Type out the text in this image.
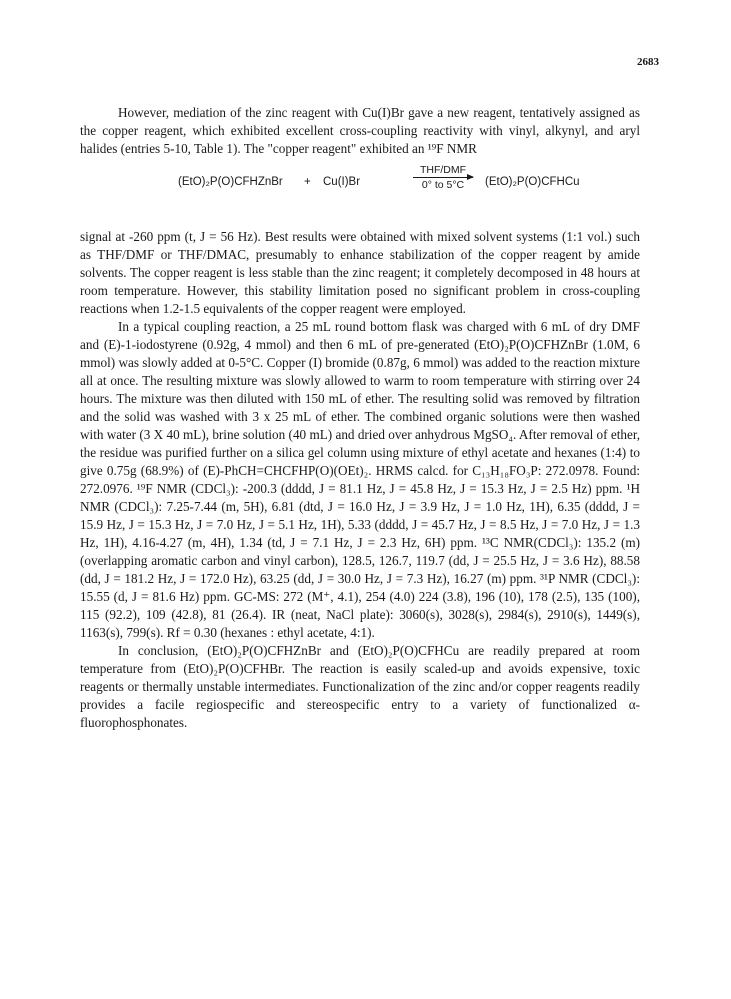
2683

However, mediation of the zinc reagent with Cu(I)Br gave a new reagent, tentatively assigned as the copper reagent, which exhibited excellent cross-coupling reactivity with vinyl, alkynyl, and aryl halides (entries 5-10, Table 1). The "copper reagent" exhibited an ¹⁹F NMR

(EtO)₂P(O)CFHZnBr + Cu(I)Br
THF/DMF
0° to 5°C	(EtO)₂P(O)CFHCu

signal at -260 ppm (t, J = 56 Hz). Best results were obtained with mixed solvent systems (1:1 vol.) such as THF/DMF or THF/DMAC, presumably to enhance stabilization of the copper reagent by amide solvents. The copper reagent is less stable than the zinc reagent; it completely decomposed in 48 hours at room temperature. However, this stability limitation posed no significant problem in cross-coupling reactions when 1.2-1.5 equivalents of the copper reagent were employed.

In a typical coupling reaction, a 25 mL round bottom flask was charged with 6 mL of dry DMF and (E)-1-iodostyrene (0.92g, 4 mmol) and then 6 mL of pre-generated (EtO)₂P(O)CFHZnBr (1.0M, 6 mmol) was slowly added at 0-5°C. Copper (I) bromide (0.87g, 6 mmol) was added to the reaction mixture all at once. The resulting mixture was slowly allowed to warm to room temperature with stirring over 24 hours. The mixture was then diluted with 150 mL of ether. The resulting solid was removed by filtration and the solid was washed with 3 x 25 mL of ether. The combined organic solutions were then washed with water (3 X 40 mL), brine solution (40 mL) and dried over anhydrous MgSO₄. After removal of ether, the residue was purified further on a silica gel column using mixture of ethyl acetate and hexanes (1:4) to give 0.75g (68.9%) of (E)-PhCH=CHCFHP(O)(OEt)₂. HRMS calcd. for C₁₃H₁₈FO₃P: 272.0978. Found: 272.0976. ¹⁹F NMR (CDCl₃): -200.3 (dddd, J = 81.1 Hz, J = 45.8 Hz, J = 15.3 Hz, J = 2.5 Hz) ppm. ¹H NMR (CDCl₃): 7.25-7.44 (m, 5H), 6.81 (dtd, J = 16.0 Hz, J = 3.9 Hz, J = 1.0 Hz, 1H), 6.35 (dddd, J = 15.9 Hz, J = 15.3 Hz, J = 7.0 Hz, J = 5.1 Hz, 1H), 5.33 (dddd, J = 45.7 Hz, J = 8.5 Hz, J = 7.0 Hz, J = 1.3 Hz, 1H), 4.16-4.27 (m, 4H), 1.34 (td, J = 7.1 Hz, J = 2.3 Hz, 6H) ppm. ¹³C NMR(CDCl₃): 135.2 (m) (overlapping aromatic carbon and vinyl carbon), 128.5, 126.7, 119.7 (dd, J = 25.5 Hz, J = 3.6 Hz), 88.58 (dd, J = 181.2 Hz, J = 172.0 Hz), 63.25 (dd, J = 30.0 Hz, J = 7.3 Hz), 16.27 (m) ppm. ³¹P NMR (CDCl₃): 15.55 (d, J = 81.6 Hz) ppm. GC-MS: 272 (M⁺, 4.1), 254 (4.0) 224 (3.8), 196 (10), 178 (2.5), 135 (100), 115 (92.2), 109 (42.8), 81 (26.4). IR (neat, NaCl plate): 3060(s), 3028(s), 2984(s), 2910(s), 1449(s), 1163(s), 799(s). Rf = 0.30 (hexanes : ethyl acetate, 4:1).

In conclusion, (EtO)₂P(O)CFHZnBr and (EtO)₂P(O)CFHCu are readily prepared at room temperature from (EtO)₂P(O)CFHBr. The reaction is easily scaled-up and avoids expensive, toxic reagents or thermally unstable intermediates. Functionalization of the zinc and/or copper reagents readily provides a facile regiospecific and stereospecific entry to a variety of functionalized α-fluorophosphonates.
